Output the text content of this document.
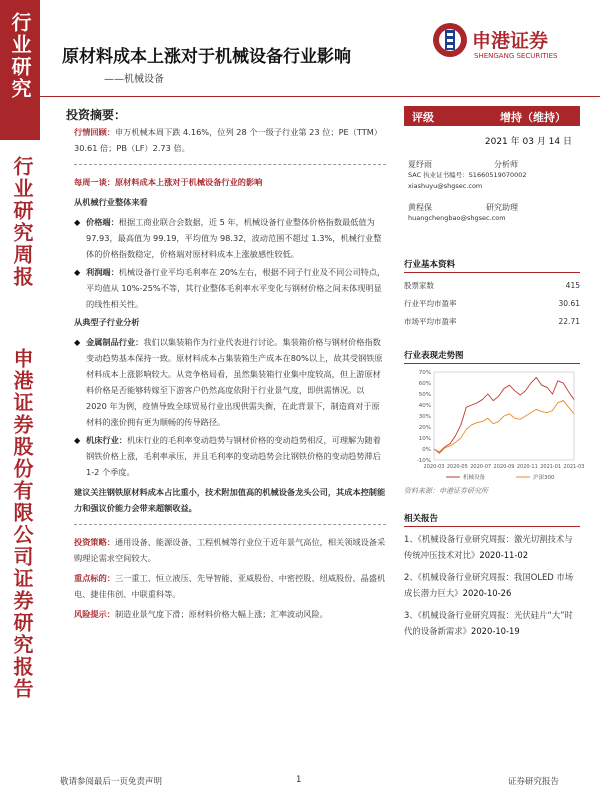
行业研究
行业研究周报
申港证券股份有限公司证券研究报告
原材料成本上涨对于机械设备行业影响
——机械设备
申港证券
SHENGANG SECURITIES
投资摘要：

行情回顾：申万机械本周下跌 4.16%，位列 28 个一级子行业第 23 位；PE（TTM）30.61 倍；PB（LF）2.73 倍。

每周一谈：原材料成本上涨对于机械设备行业的影响

从机械行业整体来看

◆ 价格端：根据工商业联合会数据，近 5 年，机械设备行业整体价格指数最低值为 97.93，最高值为 99.19，平均值为 98.32，波动范围不超过 1.3%，机械行业整体的价格指数稳定，价格端对原材料成本上涨敏感性较低。
◆ 利润端：机械设备行业平均毛利率在 20%左右，根据不同子行业及不同公司特点，平均值从 10%-25%不等，其行业整体毛利率水平变化与钢材价格之间未体现明显的线性相关性。

从典型子行业分析

◆ 金属制品行业：我们以集装箱作为行业代表进行讨论。集装箱价格与钢材价格指数变动趋势基本保持一致。原材料成本占集装箱生产成本在80%以上，故其受钢铁原材料成本上涨影响较大。从竞争格局看，虽然集装箱行业集中度较高，但上游原材料价格是否能够转嫁至下游客户仍然高度依附于行业景气度，即供需情况。以 2020 年为例，疫情导致全球贸易行业出现供需失衡，在此背景下，制造商对于原材料的涨价拥有更为顺畅的传导路径。
◆ 机床行业：机床行业的毛利率变动趋势与钢材价格的变动趋势相反，可理解为随着钢铁价格上涨，毛利率承压，并且毛利率的变动趋势会比钢铁价格的变动趋势滞后 1-2 个季度。

建议关注钢铁原材料成本占比重小，技术附加值高的机械设备龙头公司，其成本控制能力和强议价能力会带来超额收益。

投资策略：通用设备、能源设备、工程机械等行业位于近年景气高位，相关领域设备采购理论需求空间较大。

重点标的：三一重工、恒立液压、先导智能、亚威股份、中密控股、纽威股份、晶盛机电、捷佳伟创、中联重科等。

风险提示：制造业景气度下滑；原材料价格大幅上涨；汇率波动风险。

评级	增持（维持）
2021 年 03 月 14 日
夏纾雨	分析师
SAC 执业证书编号：S1660519070002
xiashuyu@shgsec.com
黄程保	研究助理
huangchengbao@shgsec.com
行业基本资料
股票家数	415
行业平均市盈率	30.61
市场平均市盈率	22.71
行业表现走势图
-10%
0%
10%
20%
30%
40%
50%
60%
70%
2020-03 2020-05 2020-07 2020-09 2020-11 2021-01 2021-03
机械设备	沪深300
资料来源：申港证券研究所
相关报告
1、《机械设备行业研究周报：激光切割技术与传统冲压技术对比》2020-11-02
2、《机械设备行业研究周报：我国OLED 市场成长潜力巨大》2020-10-26
3、《机械设备行业研究周报：光伏硅片“大”时代的设备新需求》2020-10-19
敬请参阅最后一页免责声明	1	证券研究报告
